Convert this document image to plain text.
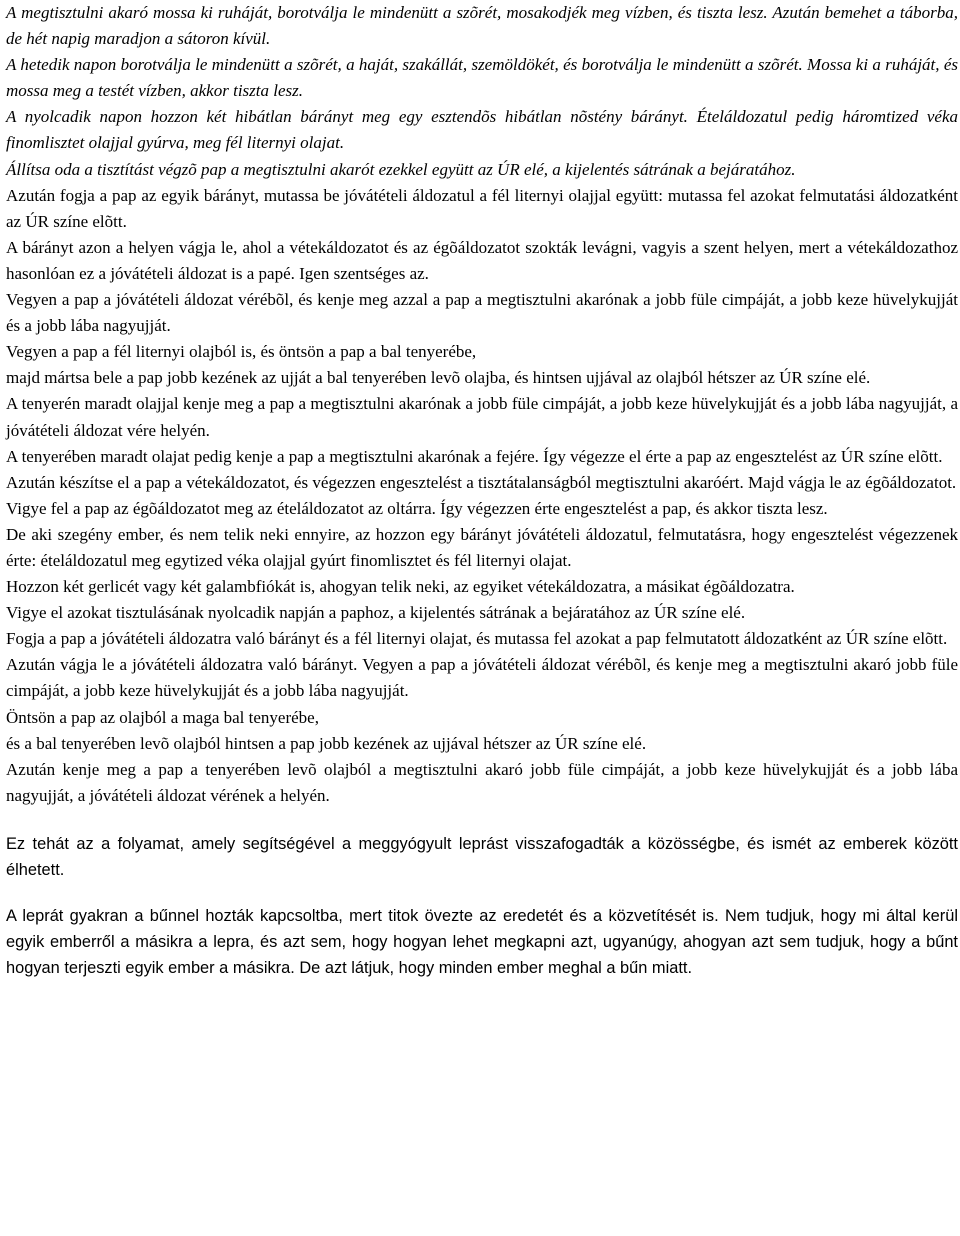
A megtisztulni akaró mossa ki ruháját, borotválja le mindenütt a szõrét, mosakodjék meg vízben, és tiszta lesz. Azután bemehet a táborba, de hét napig maradjon a sátoron kívül.

A hetedik napon borotválja le mindenütt a szõrét, a haját, szakállát, szemöldökét, és borotválja le mindenütt a szõrét. Mossa ki a ruháját, és mossa meg a testét vízben, akkor tiszta lesz.

A nyolcadik napon hozzon két hibátlan bárányt meg egy esztendõs hibátlan nõstény bárányt. Ételáldozatul pedig háromtized véka finomlisztet olajjal gyúrva, meg fél liternyi olajat.

Állítsa oda a tisztítást végzõ pap a megtisztulni akarót ezekkel együtt az ÚR elé, a kijelentés sátrának a bejáratához.

Azután fogja a pap az egyik bárányt, mutassa be jóvátételi áldozatul a fél liternyi olajjal együtt: mutassa fel azokat felmutatási áldozatként az ÚR színe elõtt.

A bárányt azon a helyen vágja le, ahol a vétekáldozatot és az égõáldozatot szokták levágni, vagyis a szent helyen, mert a vétekáldozathoz hasonlóan ez a jóvátételi áldozat is a papé. Igen szentséges az.

Vegyen a pap a jóvátételi áldozat vérébõl, és kenje meg azzal a pap a megtisztulni akarónak a jobb füle cimpáját, a jobb keze hüvelykujját és a jobb lába nagyujját.

Vegyen a pap a fél liternyi olajból is, és öntsön a pap a bal tenyerébe,

majd mártsa bele a pap jobb kezének az ujját a bal tenyerében levõ olajba, és hintsen ujjával az olajból hétszer az ÚR színe elé.

A tenyerén maradt olajjal kenje meg a pap a megtisztulni akarónak a jobb füle cimpáját, a jobb keze hüvelykujját és a jobb lába nagyujját, a jóvátételi áldozat vére helyén.

A tenyerében maradt olajat pedig kenje a pap a megtisztulni akarónak a fejére. Így végezze el érte a pap az engesztelést az ÚR színe elõtt.

Azután készítse el a pap a vétekáldozatot, és végezzen engesztelést a tisztátalanságból megtisztulni akaróért. Majd vágja le az égõáldozatot.

Vigye fel a pap az égõáldozatot meg az ételáldozatot az oltárra. Így végezzen érte engesztelést a pap, és akkor tiszta lesz.

De aki szegény ember, és nem telik neki ennyire, az hozzon egy bárányt jóvátételi áldozatul, felmutatásra, hogy engesztelést végezzenek érte: ételáldozatul meg egytized véka olajjal gyúrt finomlisztet és fél liternyi olajat.

Hozzon két gerlicét vagy két galambfiókát is, ahogyan telik neki, az egyiket vétekáldozatra, a másikat égõáldozatra.

Vigye el azokat tisztulásának nyolcadik napján a paphoz, a kijelentés sátrának a bejáratához az ÚR színe elé.

Fogja a pap a jóvátételi áldozatra való bárányt és a fél liternyi olajat, és mutassa fel azokat a pap felmutatott áldozatként az ÚR színe elõtt.

Azután vágja le a jóvátételi áldozatra való bárányt. Vegyen a pap a jóvátételi áldozat vérébõl, és kenje meg a megtisztulni akaró jobb füle cimpáját, a jobb keze hüvelykujját és a jobb lába nagyujját.

Öntsön a pap az olajból a maga bal tenyerébe,

és a bal tenyerében levõ olajból hintsen a pap jobb kezének az ujjával hétszer az ÚR színe elé.

Azután kenje meg a pap a tenyerében levõ olajból a megtisztulni akaró jobb füle cimpáját, a jobb keze hüvelykujját és a jobb lába nagyujját, a jóvátételi áldozat vérének a helyén.

Ez tehát az a folyamat, amely segítségével a meggyógyult leprást visszafogadták a közösségbe, és ismét az emberek között élhetett.

A leprát gyakran a bűnnel hozták kapcsoltba, mert titok övezte az eredetét és a közvetítését is. Nem tudjuk, hogy mi által kerül egyik emberről a másikra a lepra, és azt sem, hogy hogyan lehet megkapni azt, ugyanúgy, ahogyan azt sem tudjuk, hogy a bűnt hogyan terjeszti egyik ember a másikra. De azt látjuk, hogy minden ember meghal a bűn miatt.
